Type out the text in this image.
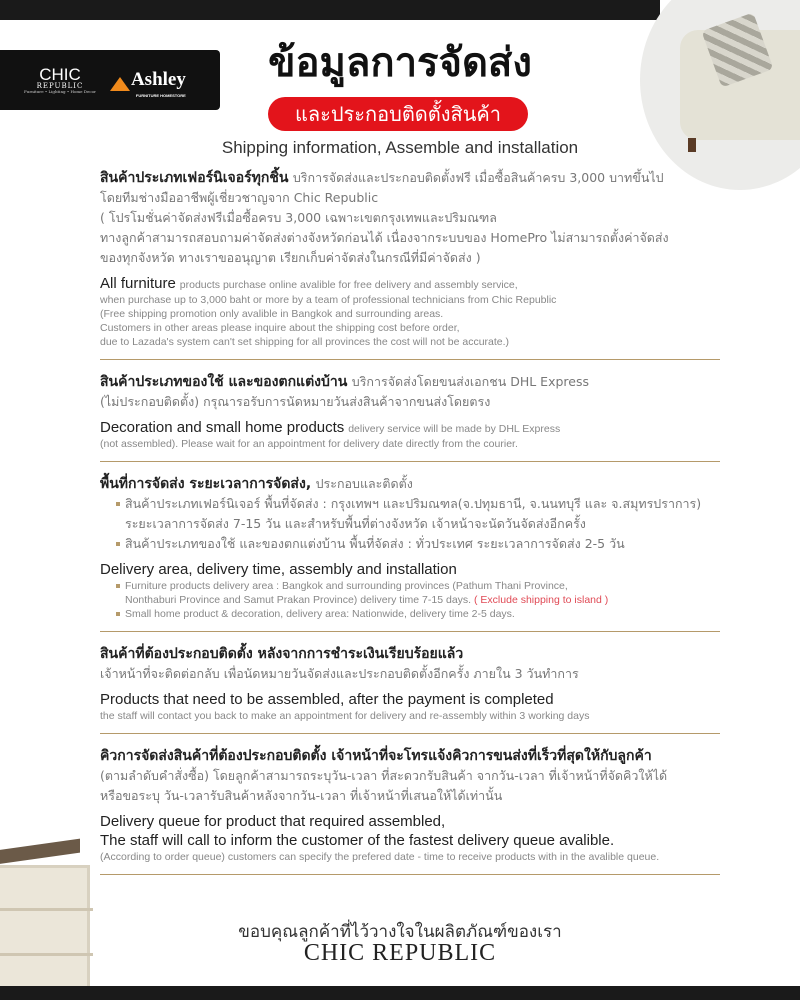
CHIC
REPUBLIC
Furniture • Lighting • Home Decor
Ashley
FURNITURE HOMESTORE
ข้อมูลการจัดส่ง
และประกอบติดตั้งสินค้า
Shipping information, Assemble and installation
สินค้าประเภทเฟอร์นิเจอร์ทุกชิ้น บริการจัดส่งและประกอบติดตั้งฟรี เมื่อซื้อสินค้าครบ 3,000 บาทขึ้นไป
โดยทีมช่างมืออาชีพผู้เชี่ยวชาญจาก Chic Republic
( โปรโมชั่นค่าจัดส่งฟรีเมื่อซื้อครบ 3,000 เฉพาะเขตกรุงเทพและปริมณฑล
ทางลูกค้าสามารถสอบถามค่าจัดส่งต่างจังหวัดก่อนได้ เนื่องจากระบบของ HomePro ไม่สามารถตั้งค่าจัดส่ง
ของทุกจังหวัด ทางเราขออนุญาต เรียกเก็บค่าจัดส่งในกรณีที่มีค่าจัดส่ง )
All furniture products purchase online avalible for free delivery and assembly service,
when purchase up to 3,000 baht or more by a team of professional technicians from Chic Republic
(Free shipping promotion only avalible in Bangkok and surrounding areas.
Customers in other areas please inquire about the shipping cost before order,
due to Lazada's system can't set shipping for all provinces the cost will not be accurate.)
สินค้าประเภทของใช้ และของตกแต่งบ้าน บริการจัดส่งโดยขนส่งเอกชน DHL Express
(ไม่ประกอบติดตั้ง) กรุณารอรับการนัดหมายวันส่งสินค้าจากขนส่งโดยตรง
Decoration and small home products delivery service will be made by DHL Express
(not assembled). Please wait for an appointment for delivery date directly from the courier.
พื้นที่การจัดส่ง ระยะเวลาการจัดส่ง, ประกอบและติดตั้ง
สินค้าประเภทเฟอร์นิเจอร์ พื้นที่จัดส่ง : กรุงเทพฯ และปริมณฑล(จ.ปทุมธานี, จ.นนทบุรี และ จ.สมุทรปราการ)
ระยะเวลาการจัดส่ง 7-15 วัน และสำหรับพื้นที่ต่างจังหวัด เจ้าหน้าจะนัดวันจัดส่งอีกครั้ง
สินค้าประเภทของใช้ และของตกแต่งบ้าน พื้นที่จัดส่ง : ทั่วประเทศ ระยะเวลาการจัดส่ง 2-5 วัน
Delivery area, delivery time, assembly and installation
Furniture products delivery area : Bangkok and surrounding provinces (Pathum Thani Province,
Nonthaburi Province and Samut Prakan Province) delivery time 7-15 days. ( Exclude shipping to island )
Small home product & decoration, delivery area: Nationwide, delivery time 2-5 days.
สินค้าที่ต้องประกอบติดตั้ง หลังจากการชำระเงินเรียบร้อยแล้ว
เจ้าหน้าที่จะติดต่อกลับ เพื่อนัดหมายวันจัดส่งและประกอบติดตั้งอีกครั้ง ภายใน 3 วันทำการ
Products that need to be assembled, after the payment is completed
the staff will contact you back to make an appointment for delivery and re-assembly within 3 working days
คิวการจัดส่งสินค้าที่ต้องประกอบติดตั้ง เจ้าหน้าที่จะโทรแจ้งคิวการขนส่งที่เร็วที่สุดให้กับลูกค้า
(ตามลำดับคำสั่งซื้อ) โดยลูกค้าสามารถระบุวัน-เวลา ที่สะดวกรับสินค้า จากวัน-เวลา ที่เจ้าหน้าที่จัดคิวให้ได้
หรือขอระบุ วัน-เวลารับสินค้าหลังจากวัน-เวลา ที่เจ้าหน้าที่เสนอให้ได้เท่านั้น
Delivery queue for product that required assembled,
The staff will call to inform the customer of the fastest delivery queue avalible.
(According to order queue) customers can specify the prefered date - time to receive products with in the avalible queue.
ขอบคุณลูกค้าที่ไว้วางใจในผลิตภัณฑ์ของเรา
CHIC REPUBLIC
